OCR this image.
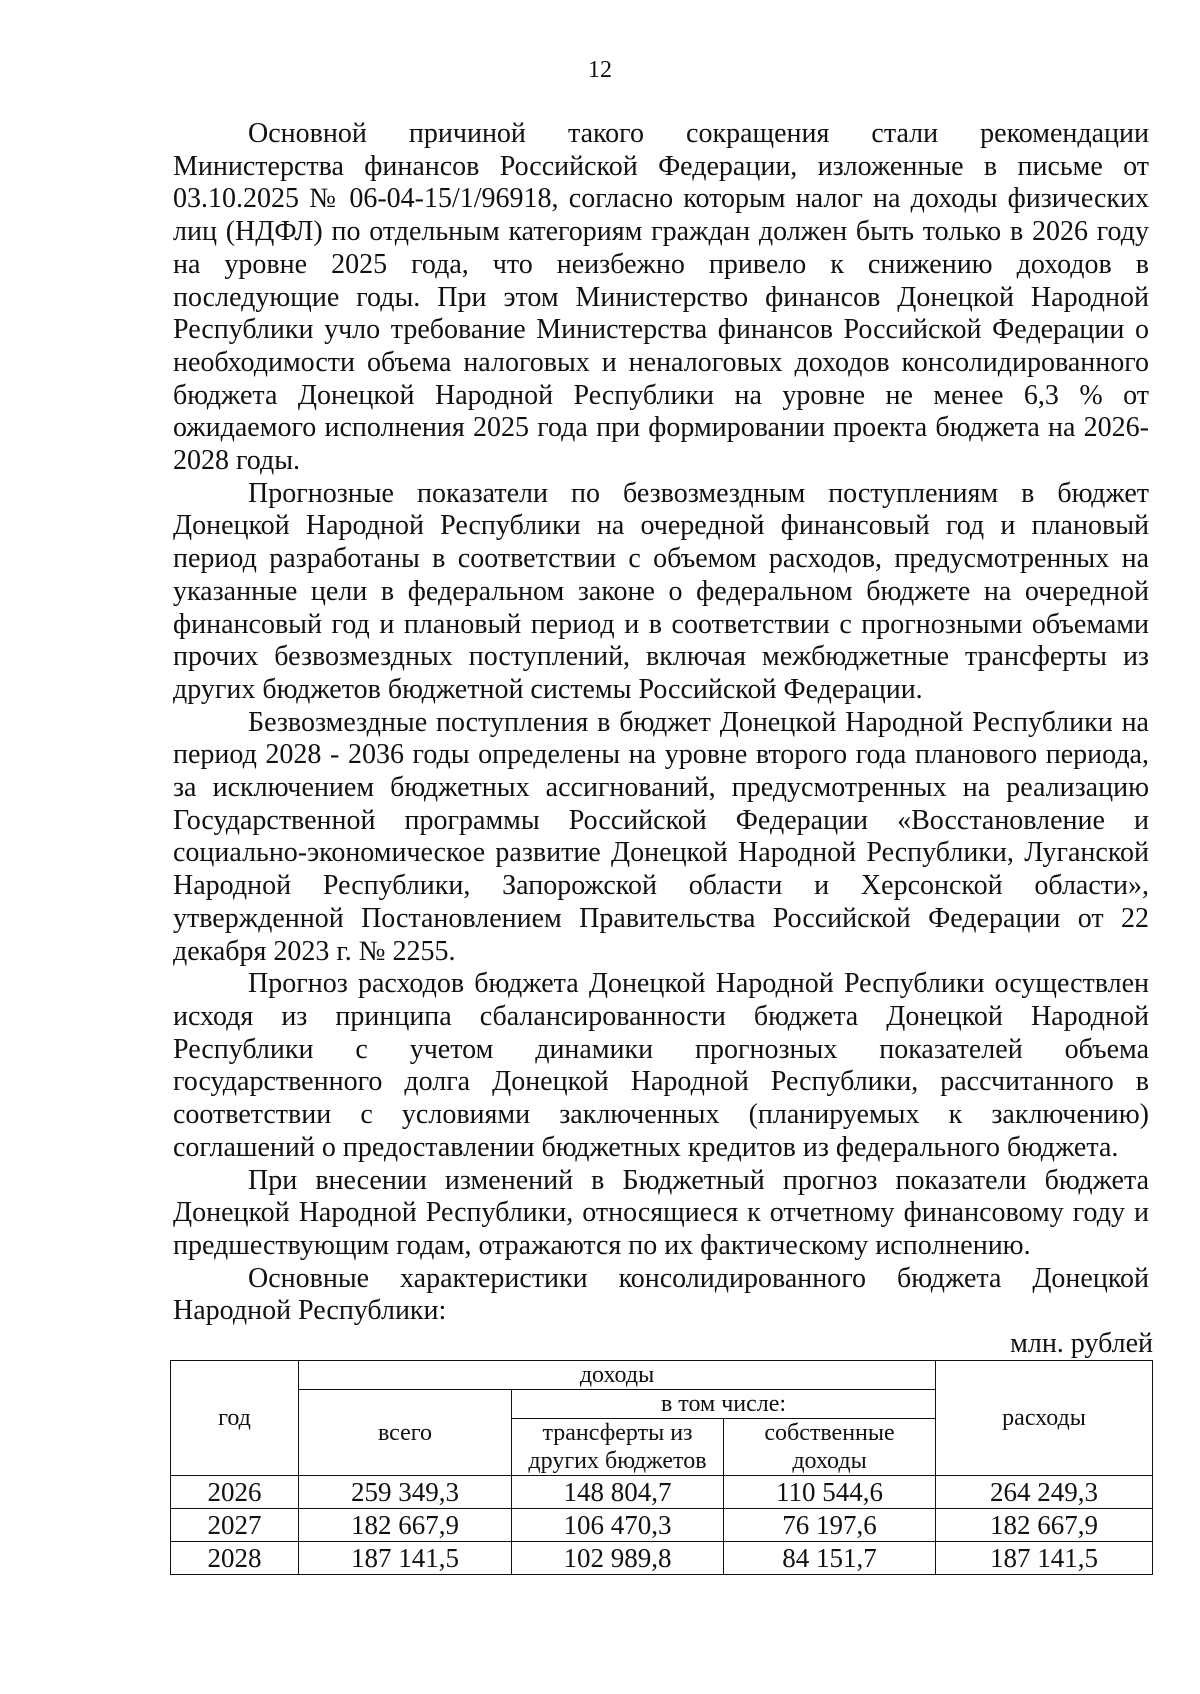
12

Основной причиной такого сокращения стали рекомендации Министерства финансов Российской Федерации, изложенные в письме от 03.10.2025 № 06-04-15/1/96918, согласно которым налог на доходы физических лиц (НДФЛ) по отдельным категориям граждан должен быть только в 2026 году на уровне 2025 года, что неизбежно привело к снижению доходов в последующие годы. При этом Министерство финансов Донецкой Народной Республики учло требование Министерства финансов Российской Федерации о необходимости объема налоговых и неналоговых доходов консолидированного бюджета Донецкой Народной Республики на уровне не менее 6,3 % от ожидаемого исполнения 2025 года при формировании проекта бюджета на 2026-2028 годы.

Прогнозные показатели по безвозмездным поступлениям в бюджет Донецкой Народной Республики на очередной финансовый год и плановый период разработаны в соответствии с объемом расходов, предусмотренных на указанные цели в федеральном законе о федеральном бюджете на очередной финансовый год и плановый период и в соответствии с прогнозными объемами прочих безвозмездных поступлений, включая межбюджетные трансферты из других бюджетов бюджетной системы Российской Федерации.

Безвозмездные поступления в бюджет Донецкой Народной Республики на период 2028 - 2036 годы определены на уровне второго года планового периода, за исключением бюджетных ассигнований, предусмотренных на реализацию Государственной программы Российской Федерации «Восстановление и социально-экономическое развитие Донецкой Народной Республики, Луганской Народной Республики, Запорожской области и Херсонской области», утвержденной Постановлением Правительства Российской Федерации от 22 декабря 2023 г. № 2255.

Прогноз расходов бюджета Донецкой Народной Республики осуществлен исходя из принципа сбалансированности бюджета Донецкой Народной Республики с учетом динамики прогнозных показателей объема государственного долга Донецкой Народной Республики, рассчитанного в соответствии с условиями заключенных (планируемых к заключению) соглашений о предоставлении бюджетных кредитов из федерального бюджета.

При внесении изменений в Бюджетный прогноз показатели бюджета Донецкой Народной Республики, относящиеся к отчетному финансовому году и предшествующим годам, отражаются по их фактическому исполнению.

Основные характеристики консолидированного бюджета Донецкой Народной Республики:

млн. рублей
год	доходы			расходы
	всего	в том числе:		
		трансферты из других бюджетов	собственные доходы	
2026	259 349,3	148 804,7	110 544,6	264 249,3
2027	182 667,9	106 470,3	76 197,6	182 667,9
2028	187 141,5	102 989,8	84 151,7	187 141,5
